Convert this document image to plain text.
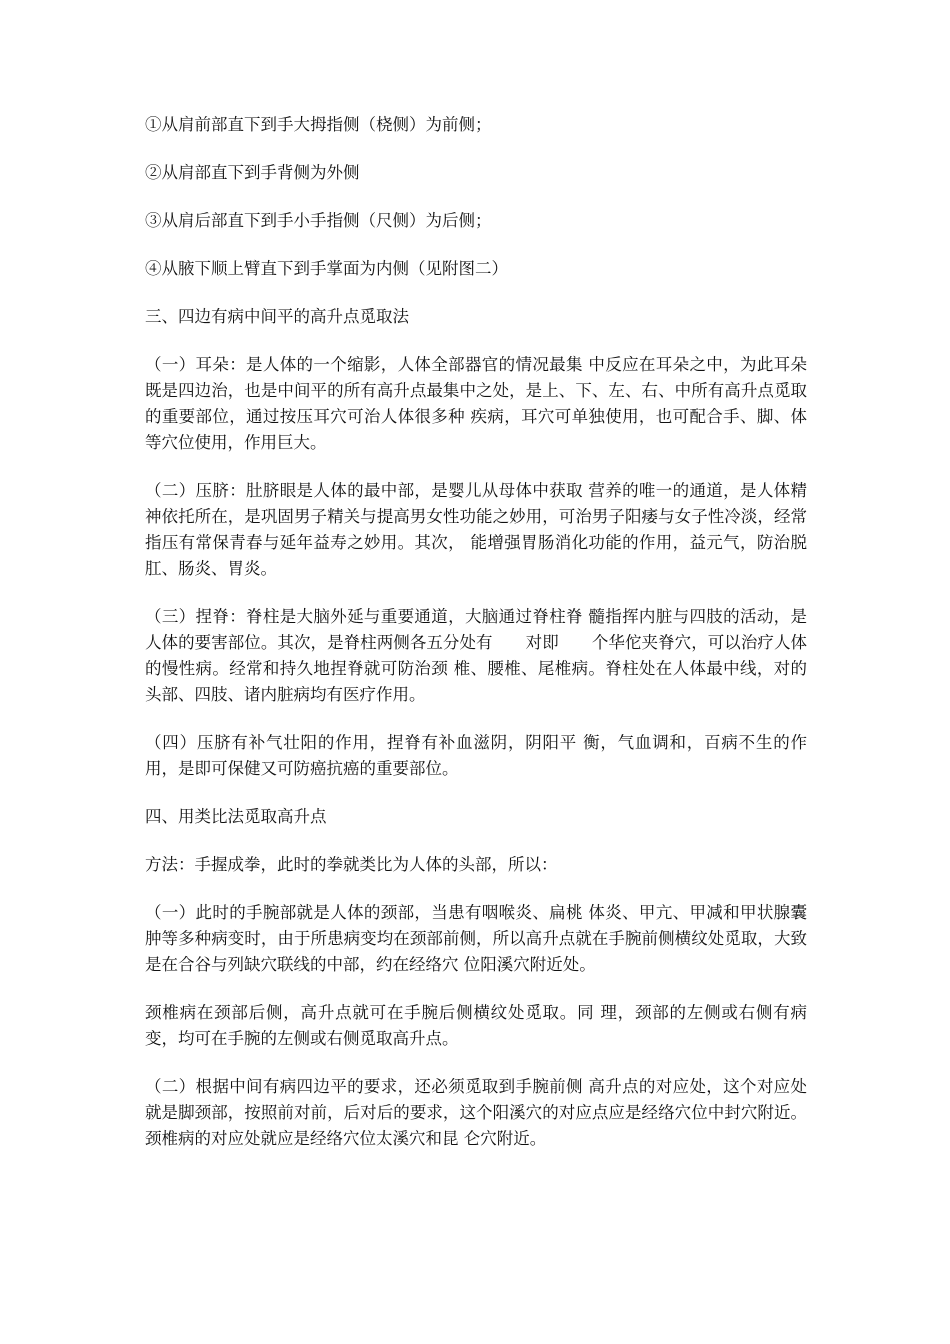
①从肩前部直下到手大拇指侧（桡侧）为前侧；

②从肩部直下到手背侧为外侧

③从肩后部直下到手小手指侧（尺侧）为后侧；

④从腋下顺上臂直下到手掌面为内侧（见附图二）

三、四边有病中间平的高升点觅取法

（一）耳朵：是人体的一个缩影，人体全部器官的情况最集 中反应在耳朵之中，为此耳朵既是四边治，也是中间平的所有高升点最集中之处，是上、下、左、右、中所有高升点觅取的重要部位，通过按压耳穴可治人体很多种 疾病，耳穴可单独使用，也可配合手、脚、体等穴位使用，作用巨大。

（二）压脐：肚脐眼是人体的最中部，是婴儿从母体中获取 营养的唯一的通道，是人体精神依托所在，是巩固男子精关与提高男女性功能之妙用，可治男子阳痿与女子性冷淡，经常指压有常保青春与延年益寿之妙用。其次， 能增强胃肠消化功能的作用，益元气，防治脱肛、肠炎、胃炎。

（三）捏脊：脊柱是大脑外延与重要通道，大脑通过脊柱脊 髓指挥内脏与四肢的活动，是人体的要害部位。其次，是脊柱两侧各五分处有　　对即　　个华佗夹脊穴，可以治疗人体的慢性病。经常和持久地捏脊就可防治颈 椎、腰椎、尾椎病。脊柱处在人体最中线，对的头部、四肢、诸内脏病均有医疗作用。

（四）压脐有补气壮阳的作用，捏脊有补血滋阴，阴阳平 衡，气血调和，百病不生的作用，是即可保健又可防癌抗癌的重要部位。

四、用类比法觅取高升点

方法：手握成拳，此时的拳就类比为人体的头部，所以：

（一）此时的手腕部就是人体的颈部，当患有咽喉炎、扁桃 体炎、甲亢、甲减和甲状腺囊肿等多种病变时，由于所患病变均在颈部前侧，所以高升点就在手腕前侧横纹处觅取，大致是在合谷与列缺穴联线的中部，约在经络穴 位阳溪穴附近处。

颈椎病在颈部后侧，高升点就可在手腕后侧横纹处觅取。同 理，颈部的左侧或右侧有病变，均可在手腕的左侧或右侧觅取高升点。

（二）根据中间有病四边平的要求，还必须觅取到手腕前侧 高升点的对应处，这个对应处就是脚颈部，按照前对前，后对后的要求，这个阳溪穴的对应点应是经络穴位中封穴附近。颈椎病的对应处就应是经络穴位太溪穴和昆 仑穴附近。
